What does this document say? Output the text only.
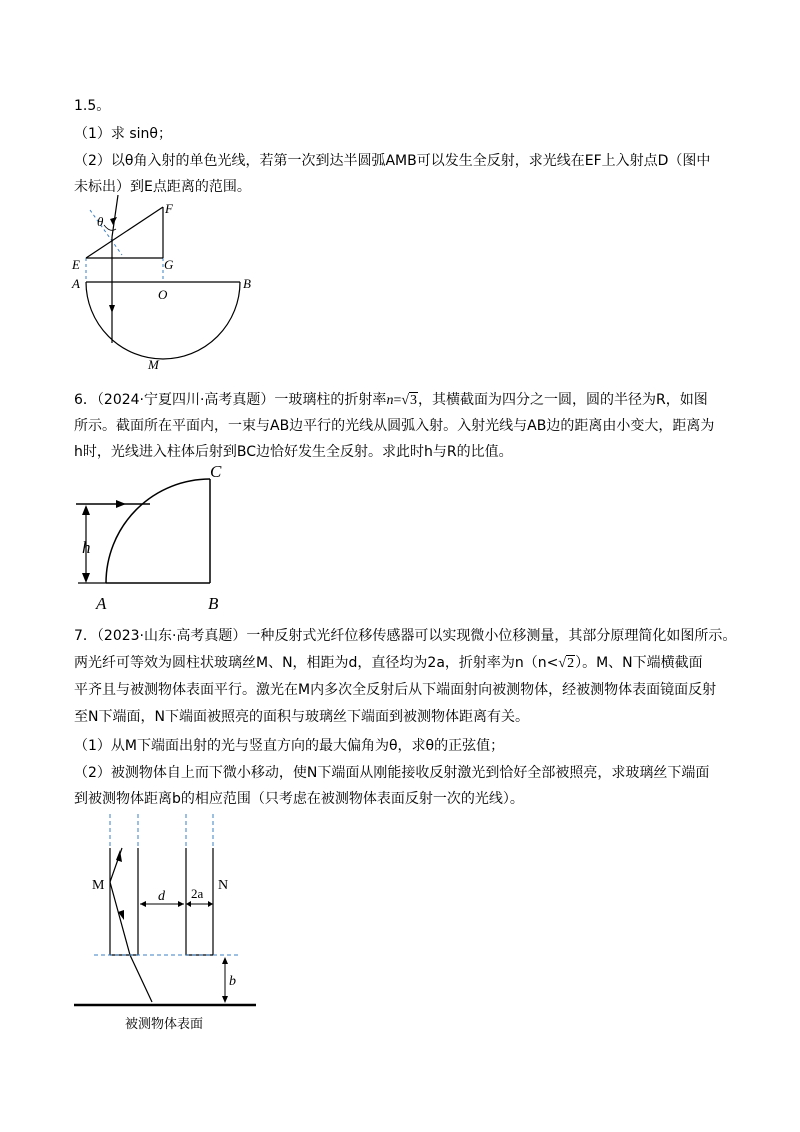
1.5。
（1）求 sinθ；
（2）以θ角入射的单色光线，若第一次到达半圆弧AMB可以发生全反射，求光线在EF上入射点D（图中
未标出）到E点距离的范围。
θ
F
E	G
A
O
B
M
6．（2024·宁夏四川·高考真题）一玻璃柱的折射率n=√3，其横截面为四分之一圆，圆的半径为R，如图
所示。截面所在平面内，一束与AB边平行的光线从圆弧入射。入射光线与AB边的距离由小变大，距离为
h时，光线进入柱体后射到BC边恰好发生全反射。求此时h与R的比值。
h
C
A	B
7．（2023·山东·高考真题）一种反射式光纤位移传感器可以实现微小位移测量，其部分原理简化如图所示。
两光纤可等效为圆柱状玻璃丝M、N，相距为d，直径均为2a，折射率为n（n<√2）。M、N下端横截面
平齐且与被测物体表面平行。激光在M内多次全反射后从下端面射向被测物体，经被测物体表面镜面反射
至N下端面，N下端面被照亮的面积与玻璃丝下端面到被测物体距离有关。
（1）从M下端面出射的光与竖直方向的最大偏角为θ，求θ的正弦值；
（2）被测物体自上而下微小移动，使N下端面从刚能接收反射激光到恰好全部被照亮，求玻璃丝下端面
到被测物体距离b的相应范围（只考虑在被测物体表面反射一次的光线）。
d 2a
M	N
b
被测物体表面
